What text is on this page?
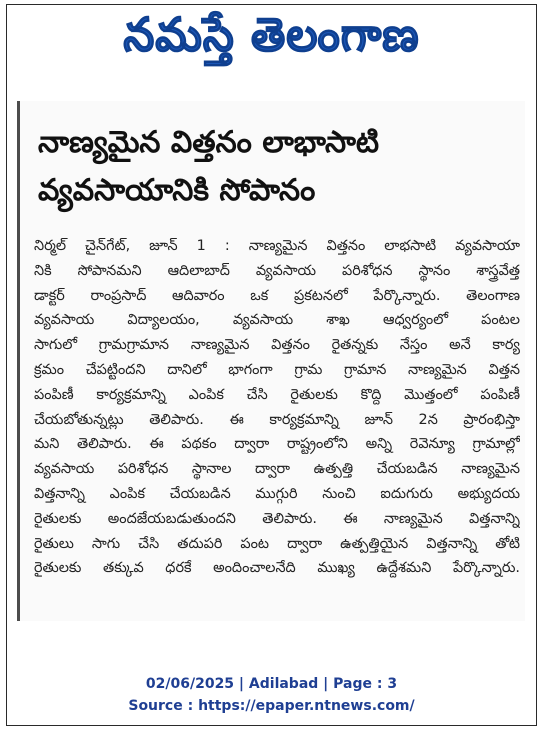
నమస్తే తెలంగాణ
నాణ్యమైన విత్తనం లాభాసాటి
వ్యవసాయానికి సోపానం
నిర్మల్ చైన్‌గేట్, జూన్ 1 : నాణ్యమైన విత్తనం లాభసాటి వ్యవసాయా
నికి సోపానమని ఆదిలాబాద్ వ్యవసాయ పరిశోధన స్థానం శాస్త్రవేత్త
డాక్టర్ రాంప్రసాద్ ఆదివారం ఒక ప్రకటనలో పేర్కొన్నారు. తెలంగాణ
వ్యవసాయ విద్యాలయం, వ్యవసాయ శాఖ ఆధ్వర్యంలో పంటల
సాగులో గ్రామగ్రామాన నాణ్యమైన విత్తనం రైతన్నకు నేస్తం అనే కార్య
క్రమం చేపట్టిందని దానిలో భాగంగా గ్రామ గ్రామాన నాణ్యమైన విత్తన
పంపిణీ కార్యక్రమాన్ని ఎంపిక చేసి రైతులకు కొద్ది మొత్తంలో పంపిణీ
చేయబోతున్నట్లు తెలిపారు. ఈ కార్యక్రమాన్ని జూన్ 2న ప్రారంభిస్తా
మని తెలిపారు. ఈ పథకం ద్వారా రాష్ట్రంలోని అన్ని రెవెన్యూ గ్రామాల్లో
వ్యవసాయ పరిశోధన స్థానాల ద్వారా ఉత్పత్తి చేయబడిన నాణ్యమైన
విత్తనాన్ని ఎంపిక చేయబడిన ముగ్గురి నుంచి ఐదుగురు అభ్యుదయ
రైతులకు అందజేయబడుతుందని తెలిపారు. ఈ నాణ్యమైన విత్తనాన్ని
రైతులు సాగు చేసి తదుపరి పంట ద్వారా ఉత్పత్తియైన విత్తనాన్ని తోటి
రైతులకు తక్కువ ధరకే అందించాలనేది ముఖ్య ఉద్దేశమని పేర్కొన్నారు.
02/06/2025 | Adilabad | Page : 3
Source : https://epaper.ntnews.com/
